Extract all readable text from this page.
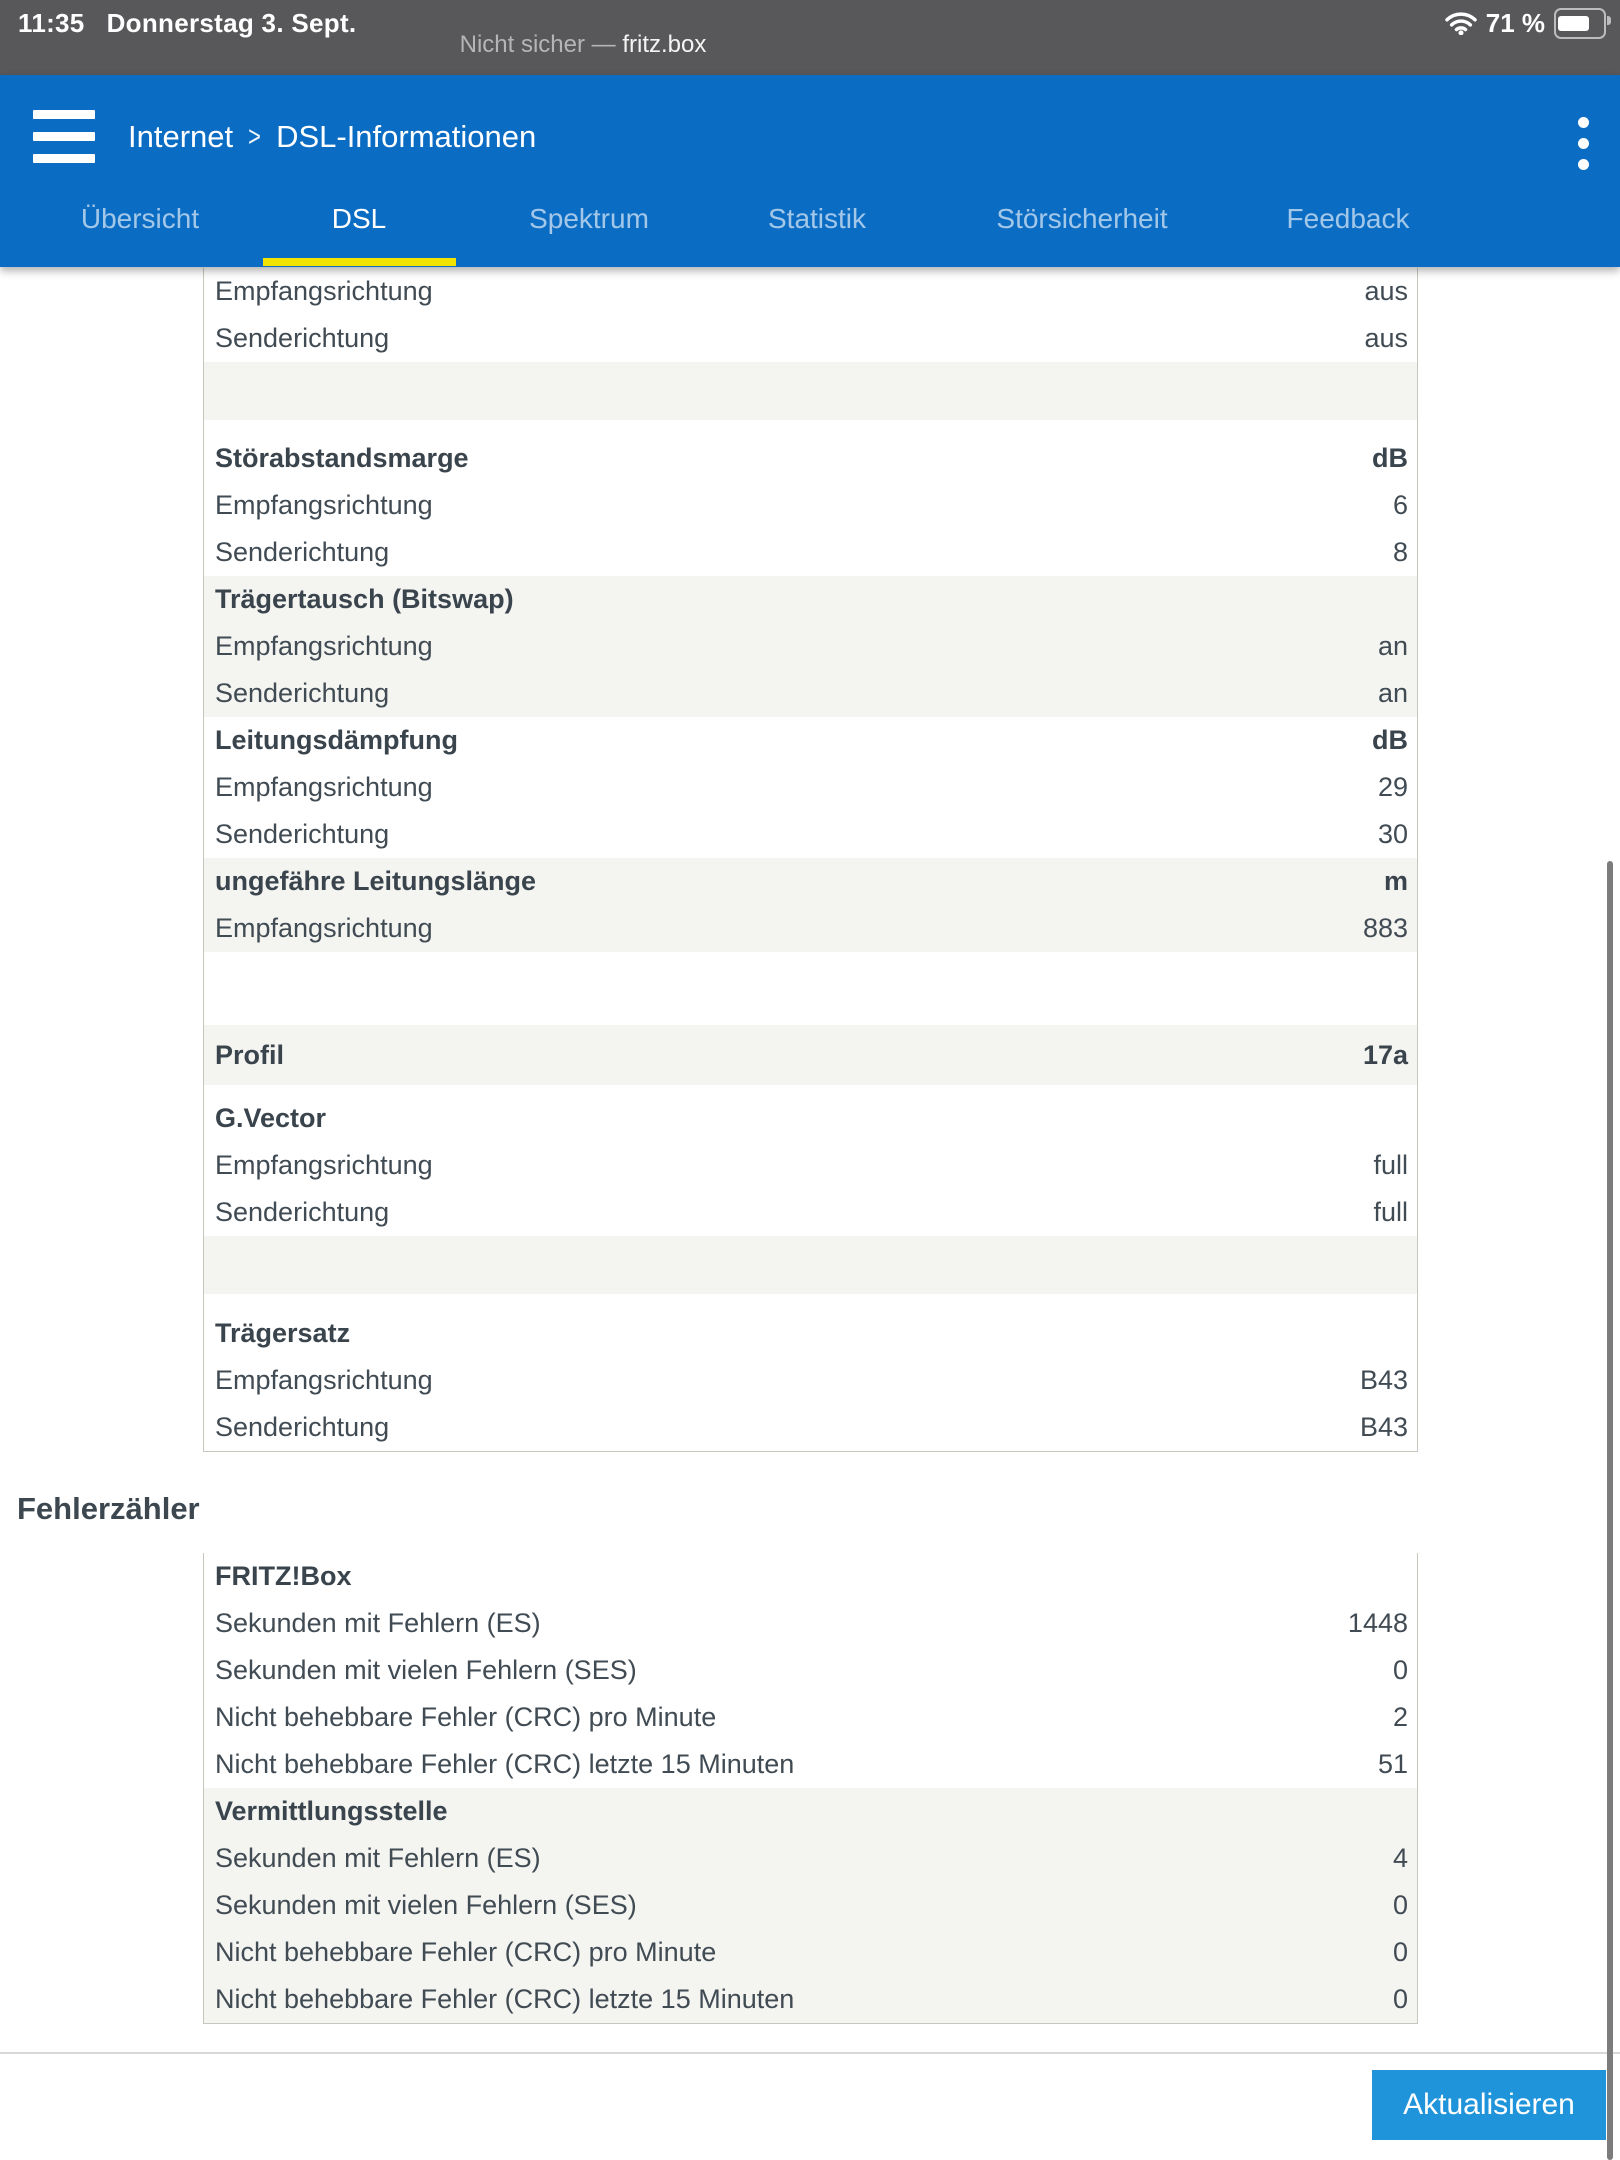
11:35 Donnerstag 3. Sept.
Nicht sicher — fritz.box
71 %
Internet > DSL-Informationen
Übersicht	DSL	Spektrum	Statistik	Störsicherheit	Feedback
Empfangsrichtung	aus
Senderichtung	aus
Störabstandsmarge	dB
Empfangsrichtung	6
Senderichtung	8
Trägertausch (Bitswap)
Empfangsrichtung	an
Senderichtung	an
Leitungsdämpfung	dB
Empfangsrichtung	29
Senderichtung	30
ungefähre Leitungslänge	m
Empfangsrichtung	883
Profil	17a
G.Vector
Empfangsrichtung	full
Senderichtung	full
Trägersatz
Empfangsrichtung	B43
Senderichtung	B43
Fehlerzähler
FRITZ!Box
Sekunden mit Fehlern (ES)	1448
Sekunden mit vielen Fehlern (SES)	0
Nicht behebbare Fehler (CRC) pro Minute	2
Nicht behebbare Fehler (CRC) letzte 15 Minuten	51
Vermittlungsstelle
Sekunden mit Fehlern (ES)	4
Sekunden mit vielen Fehlern (SES)	0
Nicht behebbare Fehler (CRC) pro Minute	0
Nicht behebbare Fehler (CRC) letzte 15 Minuten	0
Aktualisieren
